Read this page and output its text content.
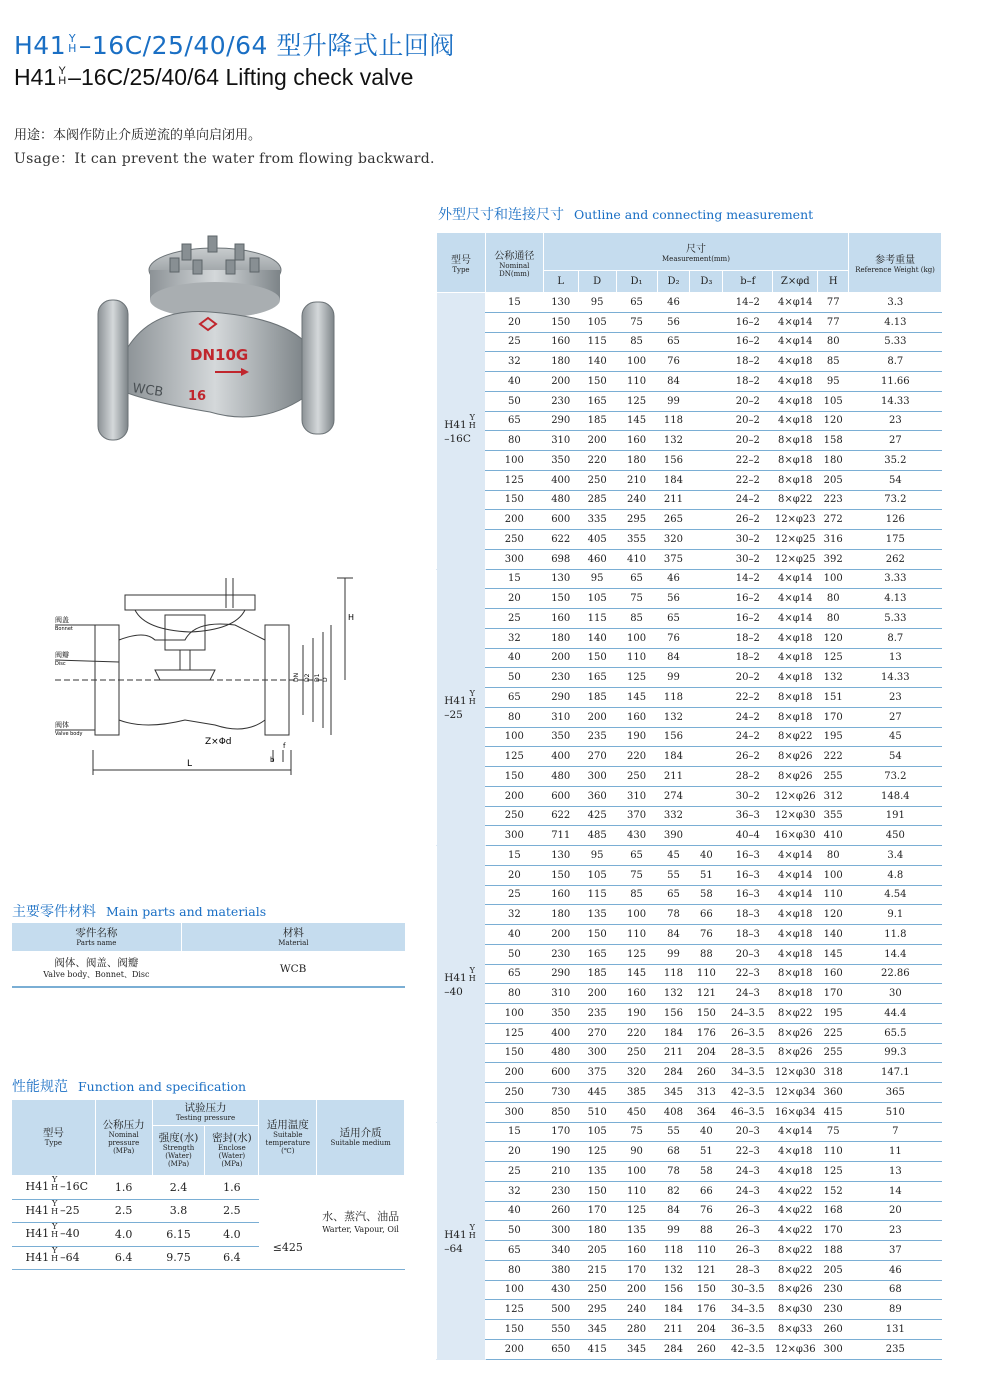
H41 Y
H –16C/25/40/64 型升降式止回阀
H41 Y
H –16C/25/40/64 Lifting check valve
用途：本阀作防止介质逆流的单向启闭用。
Usage：It can prevent the water from flowing backward.
DN10G
WCB 16
阀盖
Bonnet
阀瓣
Disc
阀体
Valve body
Z×Φd
L
H
b
f
DN D2 D1 D
外型尺寸和连接尺寸 Outline and connecting measurement
型号
Type	公称通径
Nominal DN(mm)	尺寸
Measurement(mm)								参考重量
Reference Weight (kg)

		L	D	D₁	D₂	D₃	b–f	Z×φd	H	
H41
Y
H

–16C	15	130	95	65	46		14–2	4×φ14	77	3.3
	20	150	105	75	56		16–2	4×φ14	77	4.13
	25	160	115	85	65		16–2	4×φ14	80	5.33
	32	180	140	100	76		18–2	4×φ18	85	8.7
	40	200	150	110	84		18–2	4×φ18	95	11.66
	50	230	165	125	99		20–2	4×φ18	105	14.33
	65	290	185	145	118		20–2	4×φ18	120	23
	80	310	200	160	132		20–2	8×φ18	158	27
	100	350	220	180	156		22–2	8×φ18	180	35.2
	125	400	250	210	184		22–2	8×φ18	205	54
	150	480	285	240	211		24–2	8×φ22	223	73.2
	200	600	335	295	265		26–2	12×φ23	272	126
	250	622	405	355	320		30–2	12×φ25	316	175
	300	698	460	410	375		30–2	12×φ25	392	262
H41
Y
H

–25	15	130	95	65	46		14–2	4×φ14	100	3.33
	20	150	105	75	56		16–2	4×φ14	80	4.13
	25	160	115	85	65		16–2	4×φ14	80	5.33
	32	180	140	100	76		18–2	4×φ18	120	8.7
	40	200	150	110	84		18–2	4×φ18	125	13
	50	230	165	125	99		20–2	4×φ18	132	14.33
	65	290	185	145	118		22–2	8×φ18	151	23
	80	310	200	160	132		24–2	8×φ18	170	27
	100	350	235	190	156		24–2	8×φ22	195	45
	125	400	270	220	184		26–2	8×φ26	222	54
	150	480	300	250	211		28–2	8×φ26	255	73.2
	200	600	360	310	274		30–2	12×φ26	312	148.4
	250	622	425	370	332		36–3	12×φ30	355	191
	300	711	485	430	390		40–4	16×φ30	410	450
H41
Y
H

–40	15	130	95	65	45	40	16–3	4×φ14	80	3.4
	20	150	105	75	55	51	16–3	4×φ14	100	4.8
	25	160	115	85	65	58	16–3	4×φ14	110	4.54
	32	180	135	100	78	66	18–3	4×φ18	120	9.1
	40	200	150	110	84	76	18–3	4×φ18	140	11.8
	50	230	165	125	99	88	20–3	4×φ18	145	14.4
	65	290	185	145	118	110	22–3	8×φ18	160	22.86
	80	310	200	160	132	121	24–3	8×φ18	170	30
	100	350	235	190	156	150	24–3.5	8×φ22	195	44.4
	125	400	270	220	184	176	26–3.5	8×φ26	225	65.5
	150	480	300	250	211	204	28–3.5	8×φ26	255	99.3
	200	600	375	320	284	260	34–3.5	12×φ30	318	147.1
	250	730	445	385	345	313	42–3.5	12×φ34	360	365
	300	850	510	450	408	364	46–3.5	16×φ34	415	510
H41
Y
H

–64	15	170	105	75	55	40	20–3	4×φ14	75	7
	20	190	125	90	68	51	22–3	4×φ18	110	11
	25	210	135	100	78	58	24–3	4×φ18	125	13
	32	230	150	110	82	66	24–3	4×φ22	152	14
	40	260	170	125	84	76	26–3	4×φ22	168	20
	50	300	180	135	99	88	26–3	4×φ22	170	23
	65	340	205	160	118	110	26–3	8×φ22	188	37
	80	380	215	170	132	121	28–3	8×φ22	205	46
	100	430	250	200	156	150	30–3.5	8×φ26	230	68
	125	500	295	240	184	176	34–3.5	8×φ30	230	89
	150	550	345	280	211	204	36–3.5	8×φ33	260	131
	200	650	415	345	284	260	42–3.5	12×φ36	300	235
主要零件材料 Main parts and materials
零件名称
Parts name	材料
Material

阀体、阀盖、阀瓣
Valve body、Bonnet、Disc	WCB
性能规范 Function and specification
型号
Type	公称压力
Nominal pressure
(MPa)	试验压力
Testing pressure		适用温度
Suitable temperature
(℃)	适用介质
Suitable medium

		强度(水)
Strength
(Water)
(MPa)	密封(水)
Enclose
(Water)
(MPa)		

H41
Y
H –16C	1.6	2.4	1.6	≤425	水、蒸汽、油品
Warter, Vapour, Oil

H41
Y
H –25	2.5	3.8	2.5		
H41
Y
H –40	4.0	6.15	4.0		
H41
Y
H –64	6.4	9.75	6.4		
